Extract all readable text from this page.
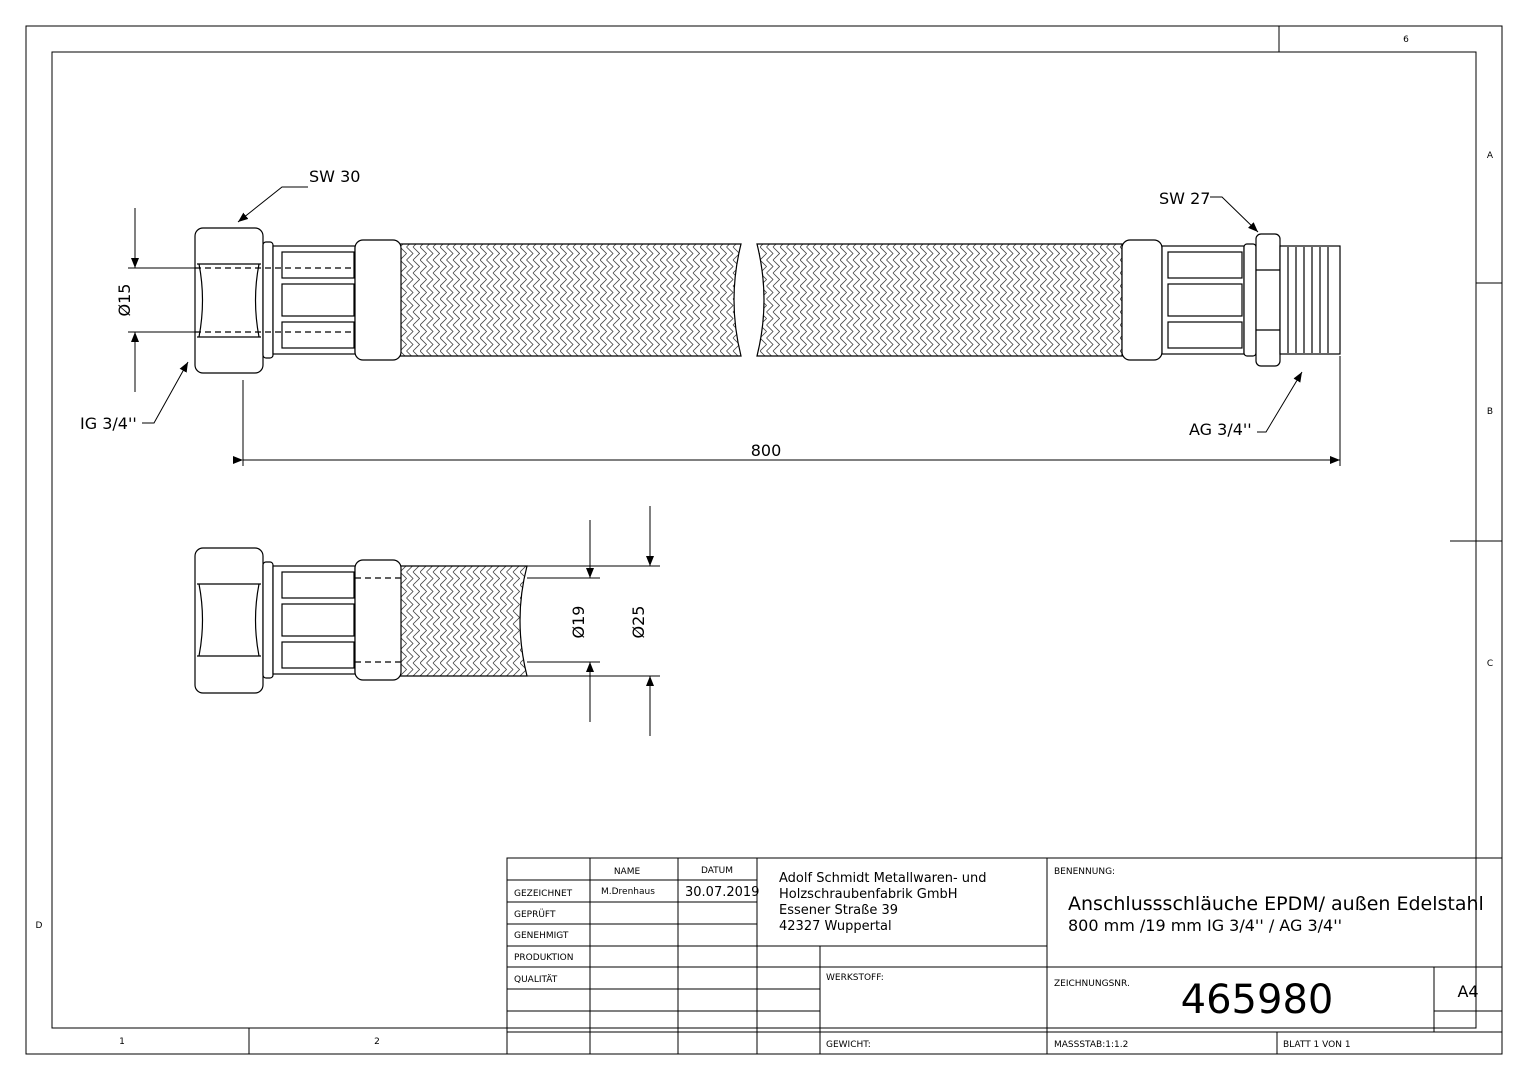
1	2
6
A
B
C
D
SW 30
SW 27
IG 3/4''	AG 3/4''
800
Ø15
Ø19	Ø25
NAME	DATUM
GEZEICHNET	M.Drenhaus 30.07.2019
GEPRÜFT
GENEHMIGT
PRODUKTION
QUALITÄT
Adolf Schmidt Metallwaren- und
Holzschraubenfabrik GmbH
Essener Straße 39
42327 Wuppertal
BENENNUNG:
Anschlussschläuche EPDM/ außen Edelstahl
800 mm /19 mm IG 3/4'' / AG 3/4''
WERKSTOFF:
ZEICHNUNGSNR. 465980	A4
GEWICHT:	MASSSTAB:1:1.2	BLATT 1 VON 1
